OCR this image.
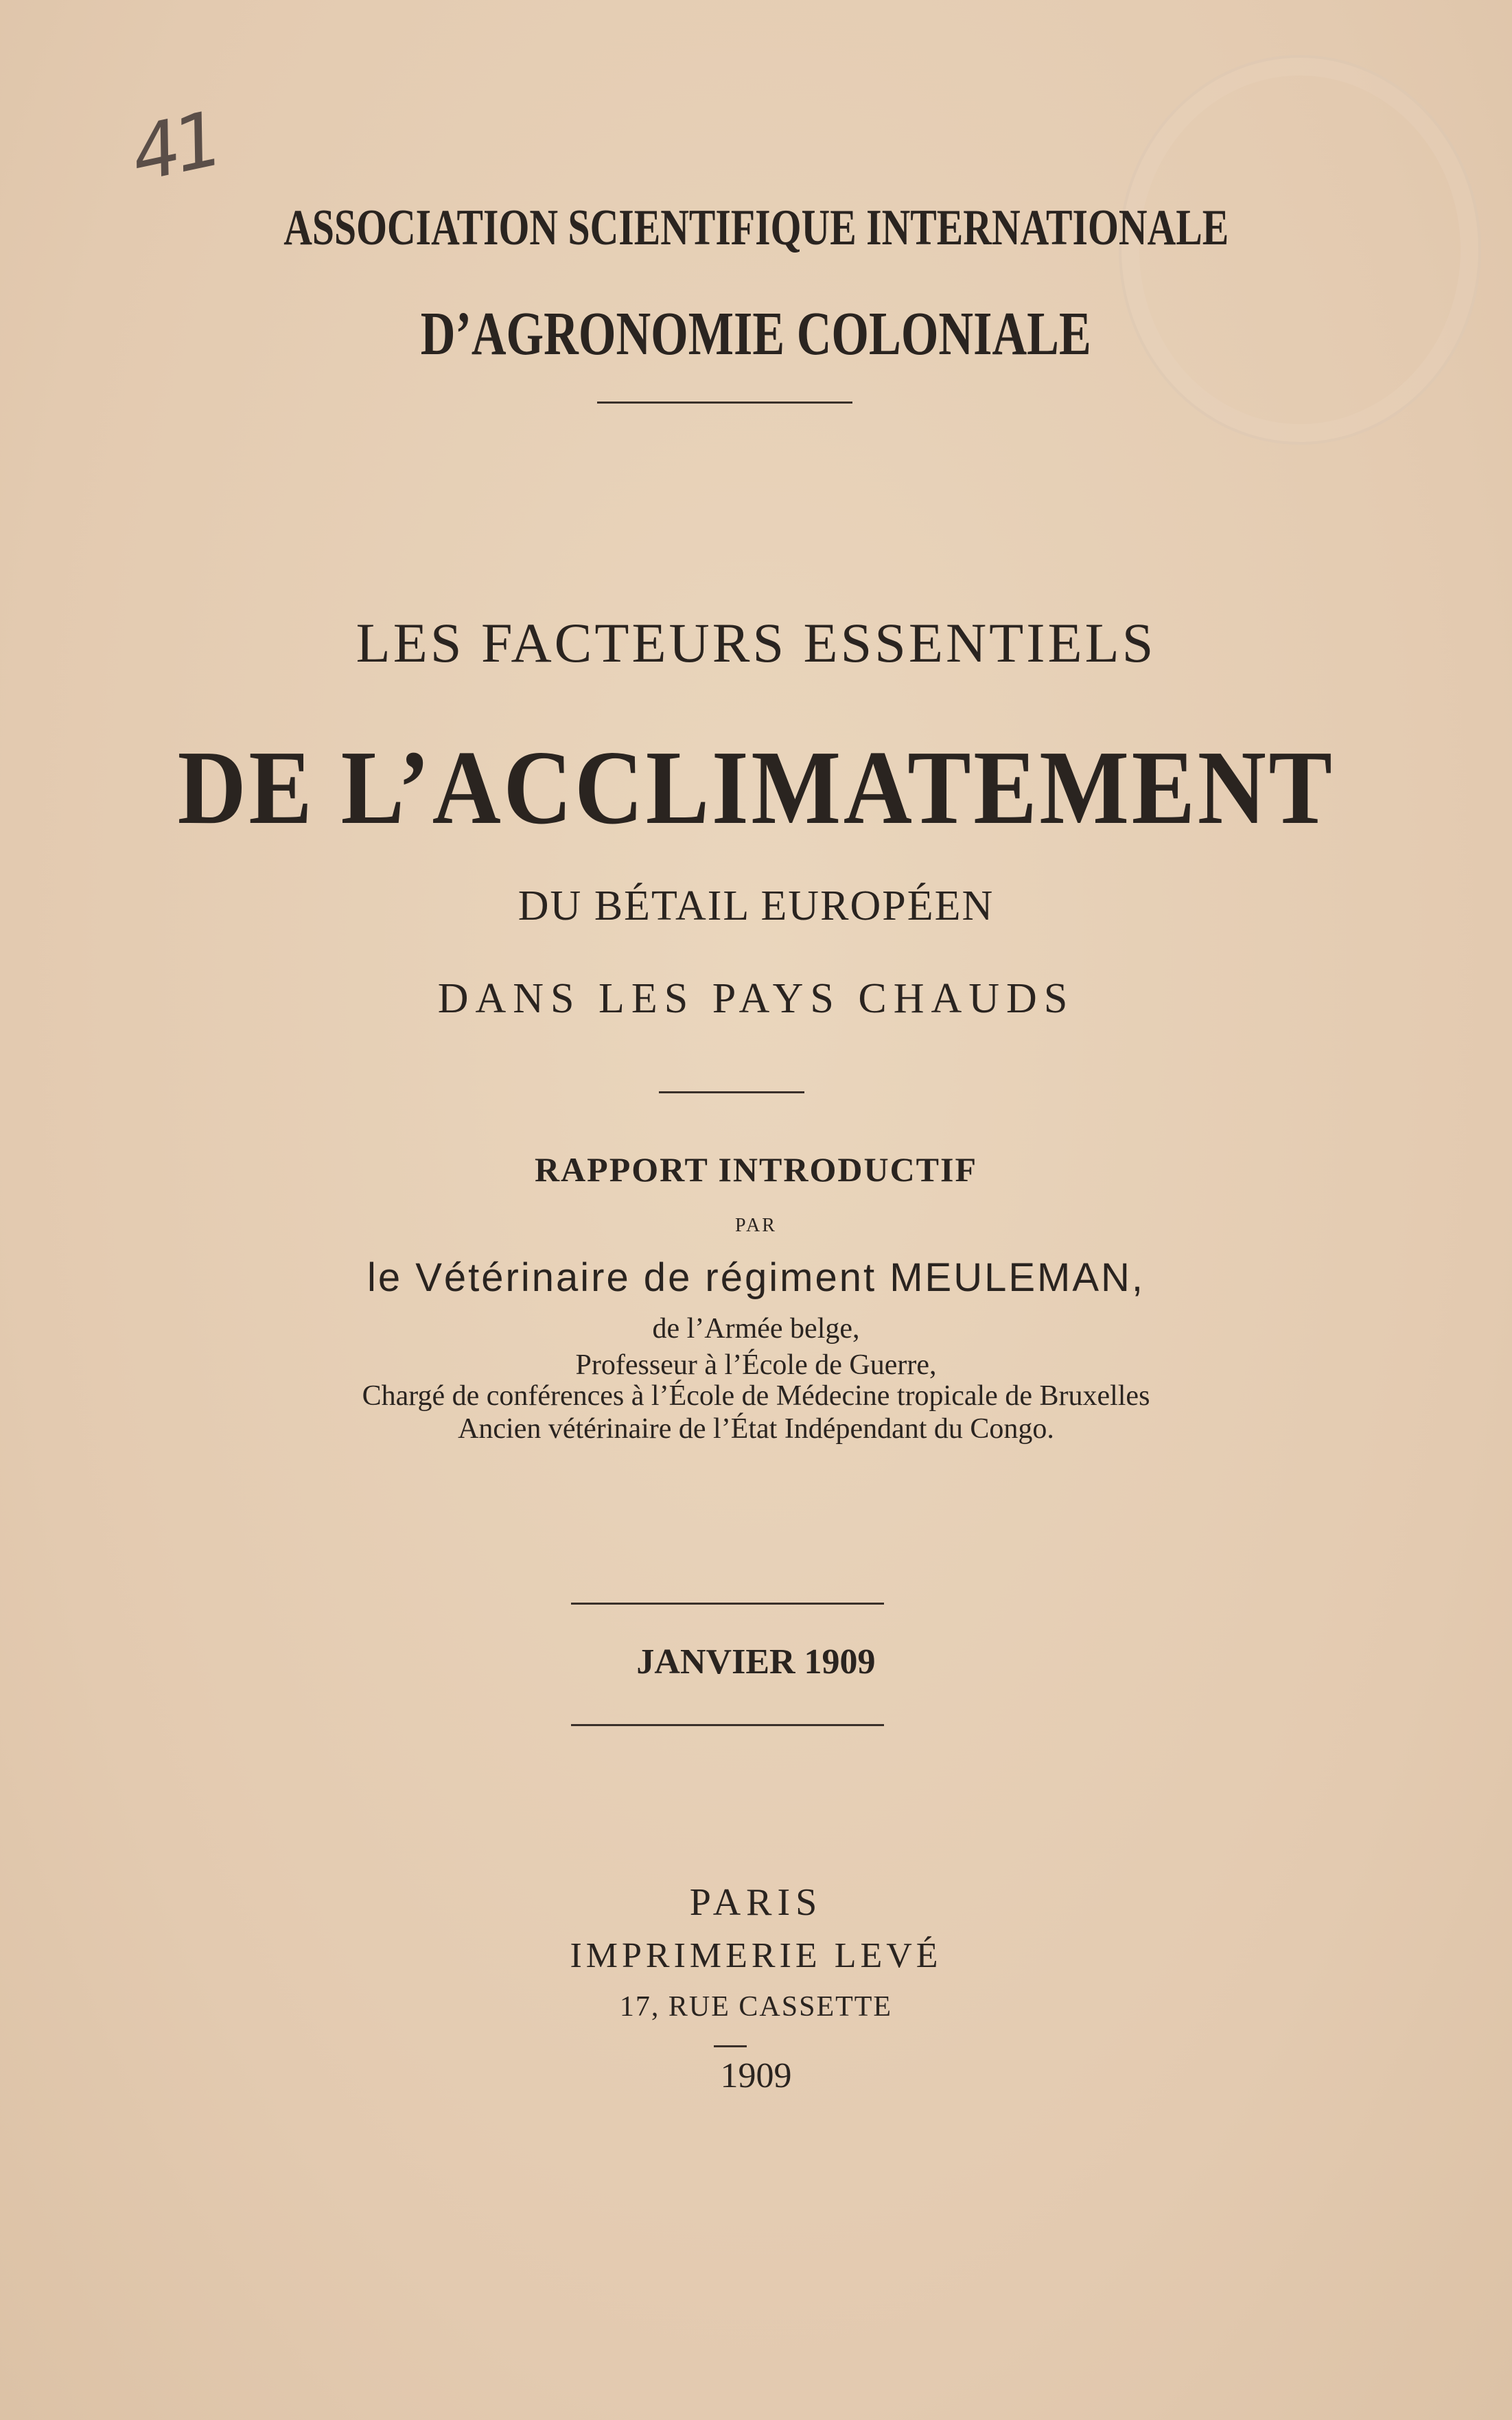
41
ASSOCIATION SCIENTIFIQUE INTERNATIONALE
D’AGRONOMIE COLONIALE
LES FACTEURS ESSENTIELS
DE L’ACCLIMATEMENT
DU BÉTAIL EUROPÉEN
DANS LES PAYS CHAUDS
RAPPORT INTRODUCTIF
PAR
le Vétérinaire de régiment MEULEMAN,
de l’Armée belge,
Professeur à l’École de Guerre,
Chargé de conférences à l’École de Médecine tropicale de Bruxelles
Ancien vétérinaire de l’État Indépendant du Congo.
JANVIER 1909
PARIS
IMPRIMERIE LEVÉ
17, RUE CASSETTE
1909
